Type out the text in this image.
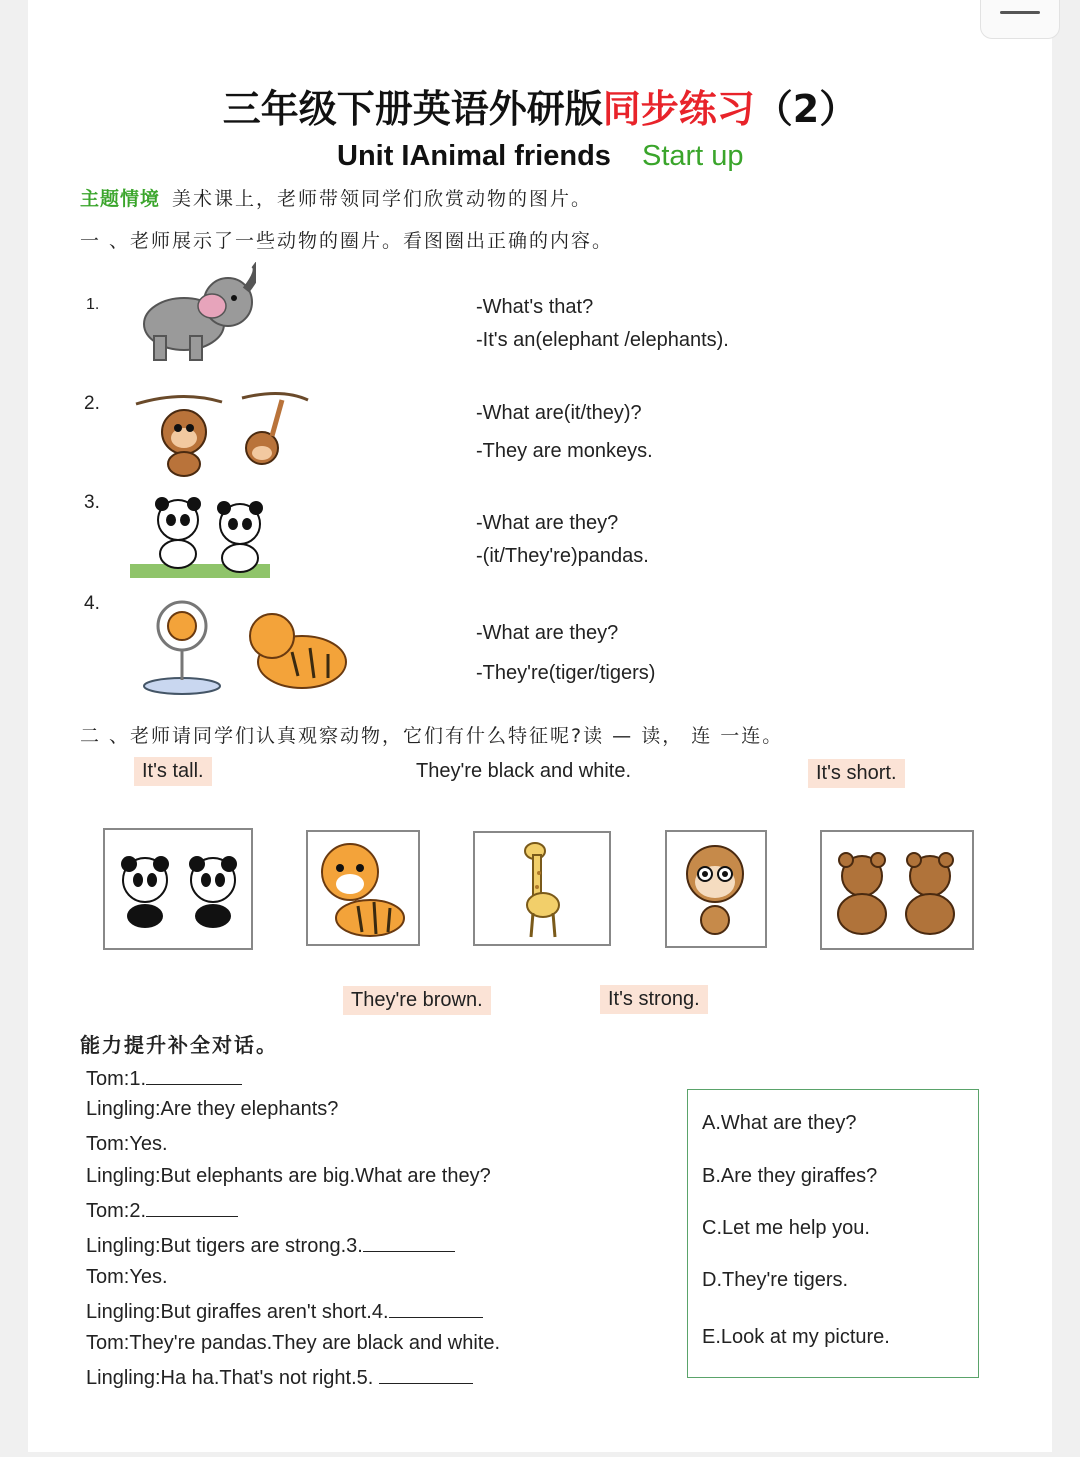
三年级下册英语外研版同步练习（2）
Unit IAnimal friends Start up
主题情境 美术课上，老师带领同学们欣赏动物的图片。
一 、老师展示了一些动物的圈片。看图圈出正确的内容。
1.	-What's that?
-It's an(elephant /elephants).
2.	-What are(it/they)?
-They are monkeys.
3.
-What are they?
-(it/They're)pandas.
4.
-What are they?
-They're(tiger/tigers)
二 、老师请同学们认真观察动物，它们有什么特征呢?读 — 读， 连 一连。
It's tall.	They're black and white.	It's short.
They're brown.	It's strong.
能力提升补全对话。
Tom:1.
Lingling:Are they elephants?
Tom:Yes.
Lingling:But elephants are big.What are they?
Tom:2.
Lingling:But tigers are strong.3.
Tom:Yes.
Lingling:But giraffes aren't short.4.
Tom:They're pandas.They are black and white.
Lingling:Ha ha.That's not right.5.
A.What are they?
B.Are they giraffes?
C.Let me help you.
D.They're tigers.
E.Look at my picture.
